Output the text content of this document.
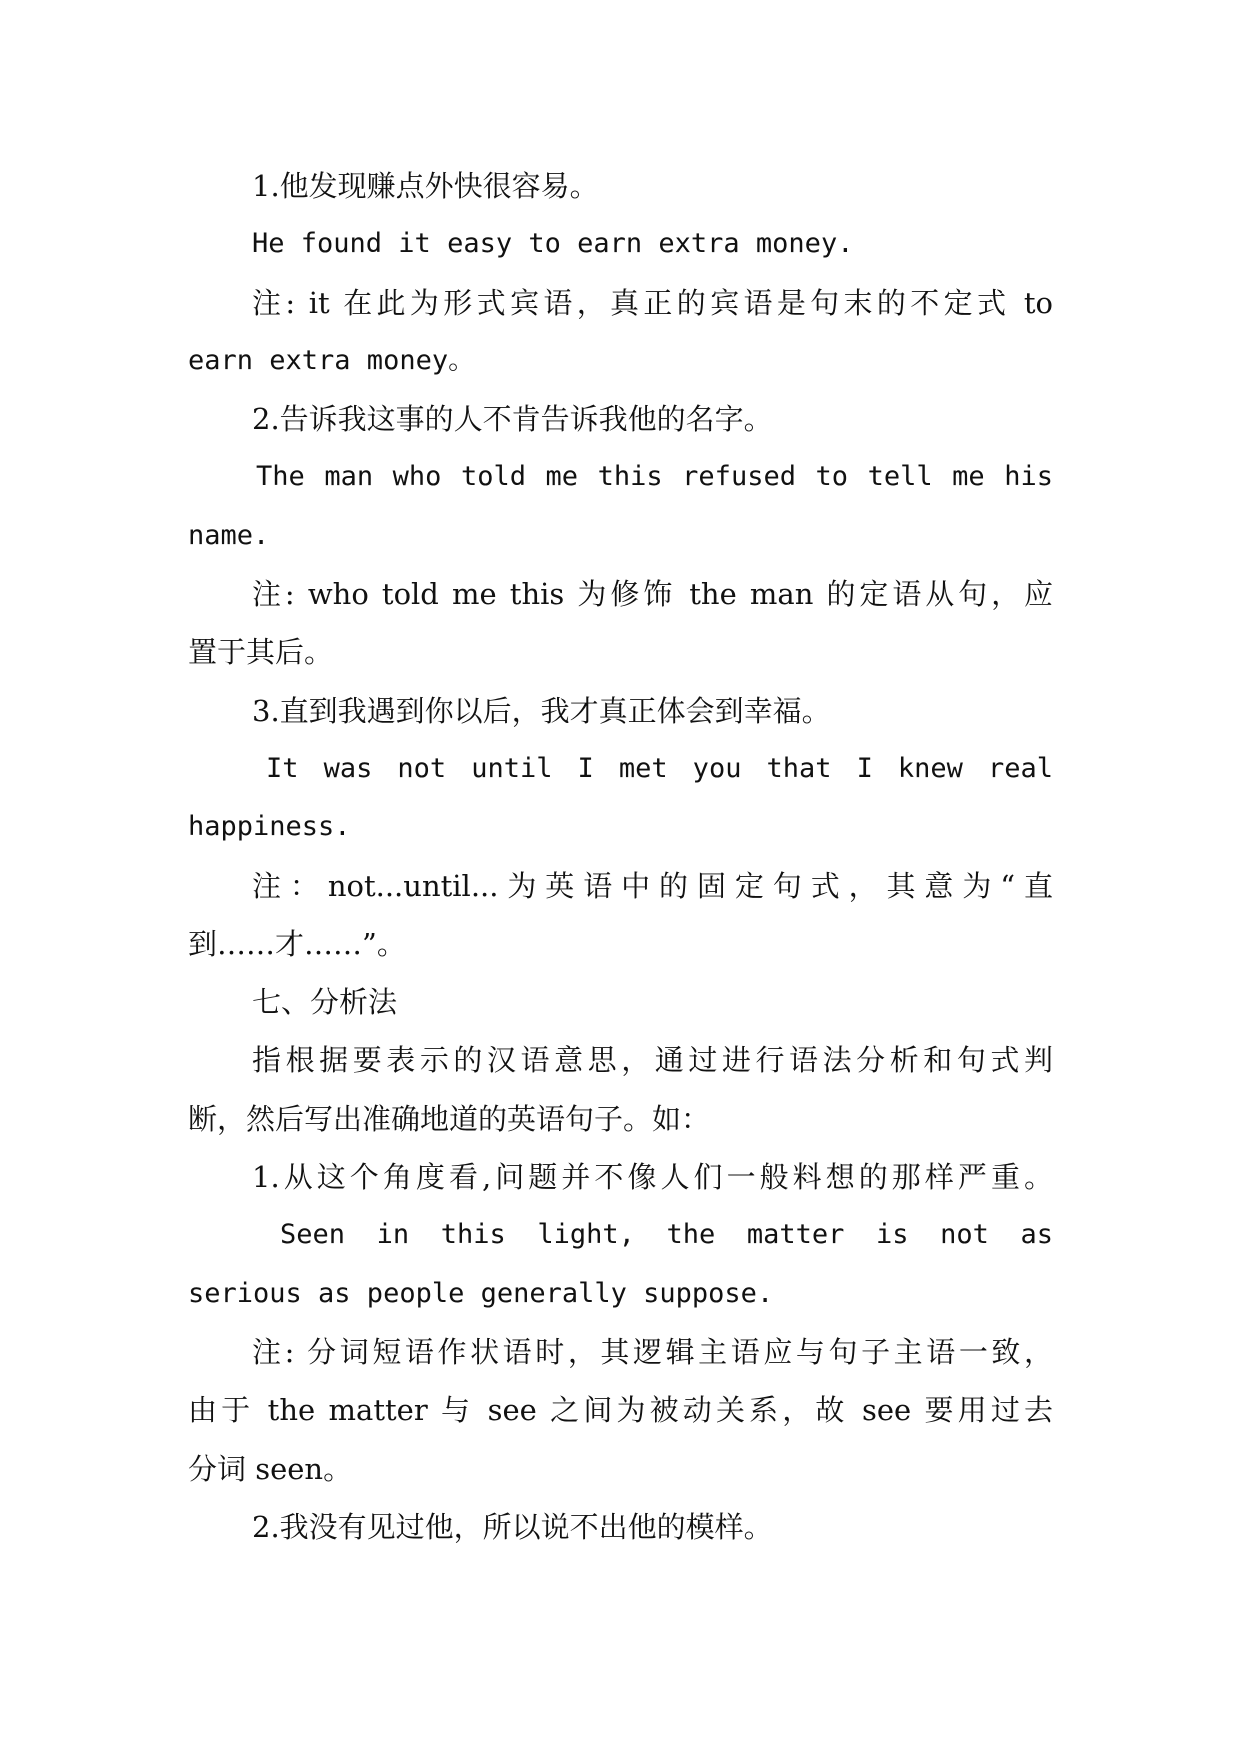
1.他发现赚点外快很容易。
He found it easy to earn extra money.
注: it 在此为形式宾语，真正的宾语是句末的不定式 to
earn extra money。
2.告诉我这事的人不肯告诉我他的名字。
The man who told me this refused to tell me his
name.
注: who told me this 为修饰 the man 的定语从句，应
置于其后。
3.直到我遇到你以后，我才真正体会到幸福。
It was not until I met you that I knew real
happiness.
注：not...until...为英语中的固定句式，其意为“直
到……才……”。
七、分析法
指根据要表示的汉语意思，通过进行语法分析和句式判
断，然后写出准确地道的英语句子。如：
1.从这个角度看,问题并不像人们一般料想的那样严重。
Seen in this light, the matter is not as
serious as people generally suppose.
注: 分词短语作状语时，其逻辑主语应与句子主语一致，
由于 the matter 与 see 之间为被动关系，故 see 要用过去
分词 seen。
2.我没有见过他，所以说不出他的模样。
